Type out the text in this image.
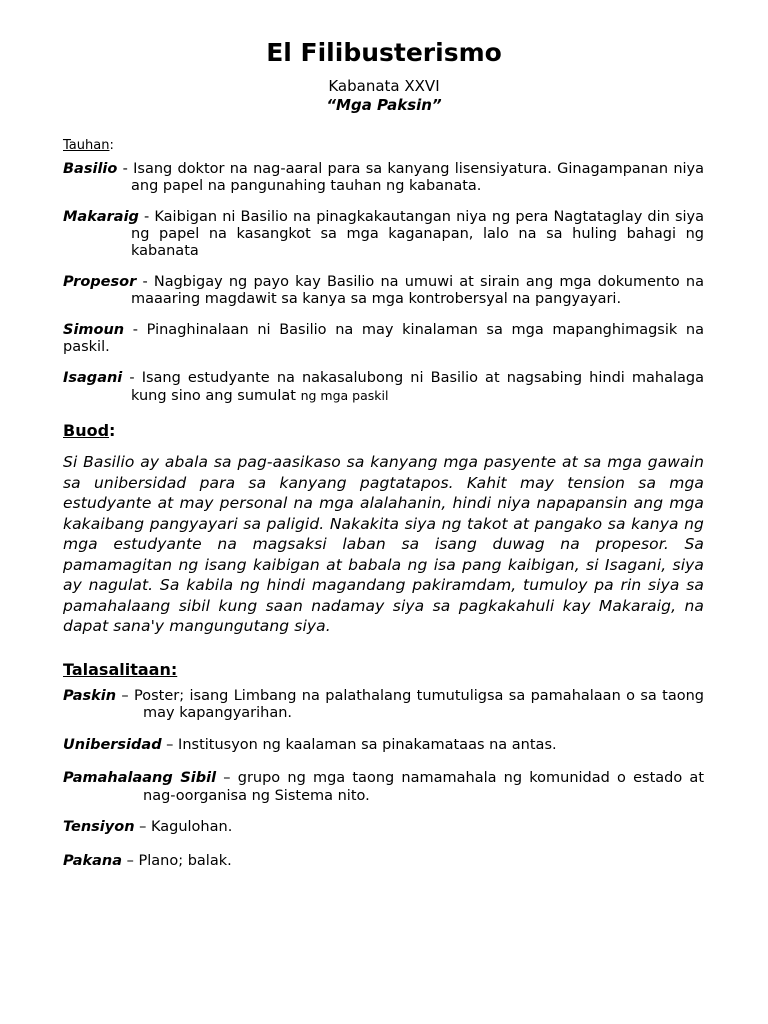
El Filibusterismo
Kabanata XXVI
“Mga Paksin”
Tauhan:

Basilio - Isang doktor na nag-aaral para sa kanyang lisensiyatura. Ginagampanan niya ang papel na pangunahing tauhan ng kabanata.

Makaraig - Kaibigan ni Basilio na pinagkakautangan niya ng pera Nagtataglay din siya ng papel na kasangkot sa mga kaganapan, lalo na sa huling bahagi ng kabanata

Propesor - Nagbigay ng payo kay Basilio na umuwi at sirain ang mga dokumento na maaaring magdawit sa kanya sa mga kontrobersyal na pangyayari.

Simoun - Pinaghinalaan ni Basilio na may kinalaman sa mga mapanghimagsik na paskil.

Isagani - Isang estudyante na nakasalubong ni Basilio at nagsabing hindi mahalaga kung sino ang sumulat ng mga paskil

Buod:

Si Basilio ay abala sa pag-aasikaso sa kanyang mga pasyente at sa mga gawain sa unibersidad para sa kanyang pagtatapos. Kahit may tension sa mga estudyante at may personal na mga alalahanin, hindi niya napapansin ang mga kakaibang pangyayari sa paligid. Nakakita siya ng takot at pangako sa kanya ng mga estudyante na magsaksi laban sa isang duwag na propesor. Sa pamamagitan ng isang kaibigan at babala ng isa pang kaibigan, si Isagani, siya ay nagulat. Sa kabila ng hindi magandang pakiramdam, tumuloy pa rin siya sa pamahalaang sibil kung saan nadamay siya sa pagkakahuli kay Makaraig, na dapat sana'y mangungutang siya.

Talasalitaan:

Paskin – Poster; isang Limbang na palathalang tumutuligsa sa pamahalaan o sa taong may kapangyarihan.

Unibersidad – Institusyon ng kaalaman sa pinakamataas na antas.

Pamahalaang Sibil – grupo ng mga taong namamahala ng komunidad o estado at nag-oorganisa ng Sistema nito.

Tensiyon – Kagulohan.

Pakana – Plano; balak.
